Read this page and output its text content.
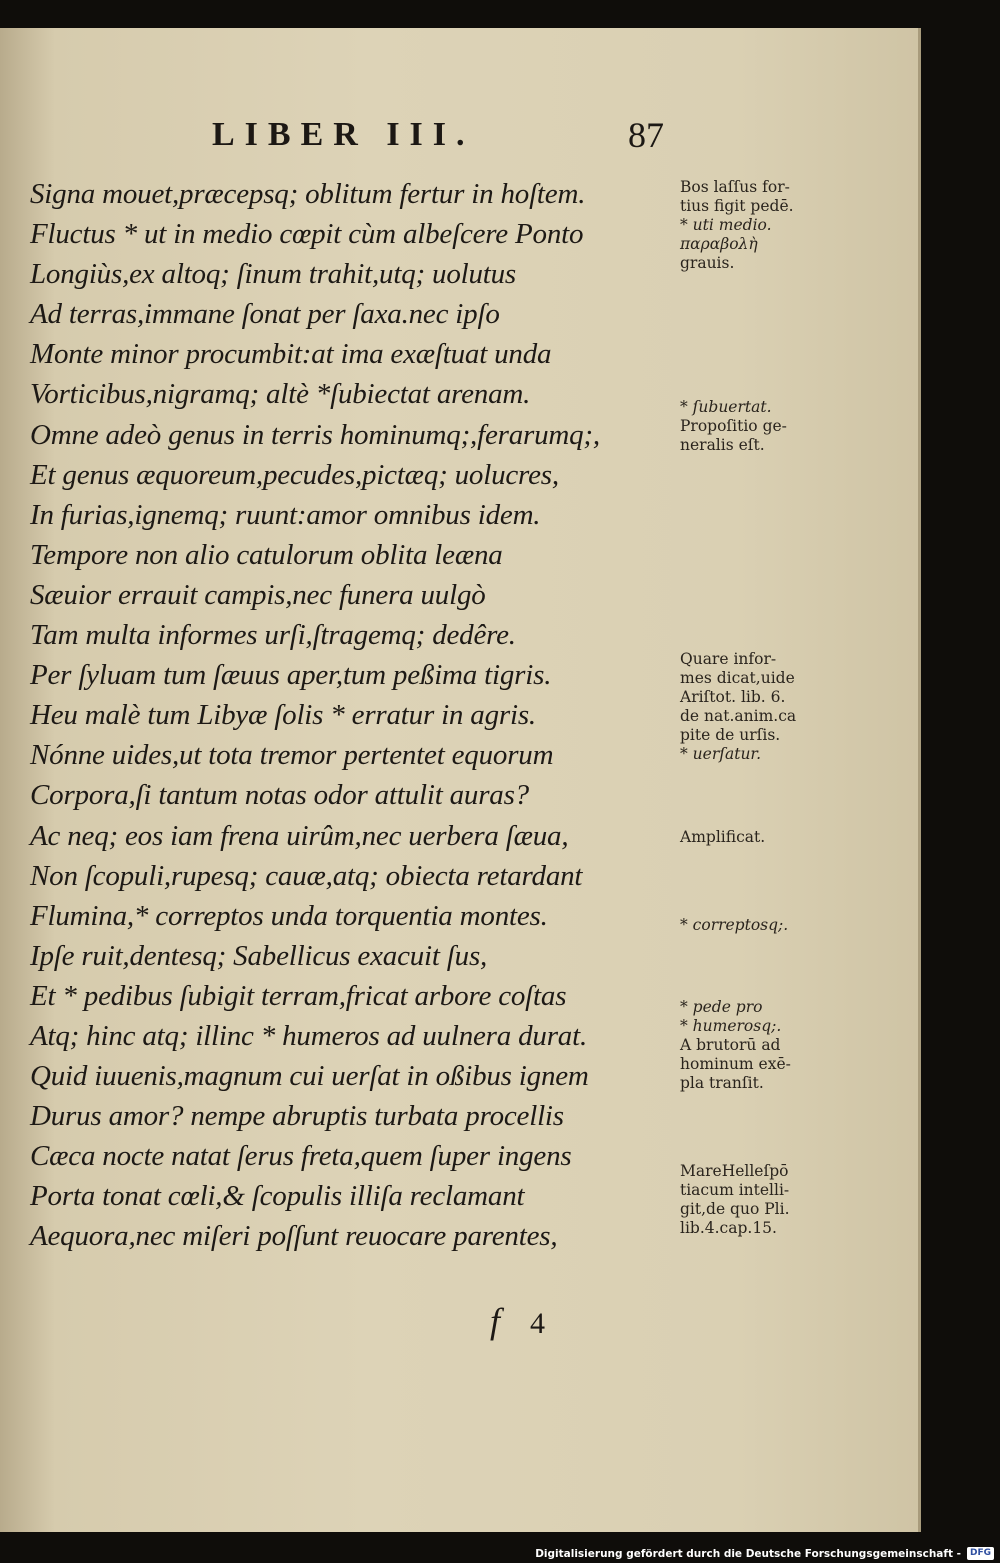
LIBER III.	87
Signa mouet,præcepsq; oblitum fertur in hoſtem.
Fluctus * ut in medio cœpit cùm albeſcere Ponto
Longiùs,ex altoq; ſinum trahit,utq; uolutus
Ad terras,immane ſonat per ſaxa.nec ipſo
Monte minor procumbit:at ima exæſtuat unda
Vorticibus,nigramq; altè *ſubiectat arenam.
Omne adeò genus in terris hominumq;,ferarumq;,
Et genus æquoreum,pecudes,pictæq; uolucres,
In furias,ignemq; ruunt:amor omnibus idem.
Tempore non alio catulorum oblita leæna
Sæuior errauit campis,nec funera uulgò
Tam multa informes urſi,ſtragemq; dedêre.
Per ſyluam tum ſæuus aper,tum peßima tigris.
Heu malè tum Libyæ ſolis * erratur in agris.
Nónne uides,ut tota tremor pertentet equorum
Corpora,ſi tantum notas odor attulit auras?
Ac neq; eos iam frena uirûm,nec uerbera ſæua,
Non ſcopuli,rupesq; cauæ,atq; obiecta retardant
Flumina,* correptos unda torquentia montes.
Ipſe ruit,dentesq; Sabellicus exacuit ſus,
Et * pedibus ſubigit terram,fricat arbore coſtas
Atq; hinc atq; illinc * humeros ad uulnera durat.
Quid iuuenis,magnum cui uerſat in oßibus ignem
Durus amor? nempe abruptis turbata procellis
Cæca nocte natat ſerus freta,quem ſuper ingens
Porta tonat cœli,& ſcopulis illiſa reclamant
Aequora,nec miſeri poſſunt reuocare parentes,
Bos laſſus for-
tius figit pedē.
* uti medio.
παραβολὴ
grauis.
* ſubuertat.
Propoſitio ge-
neralis eſt.
Quare infor-
mes dicat,uide
Ariſtot. lib. 6.
de nat.anim.ca
pite de urſis.
* uerſatur.
Amplificat.
* correptosq;.
* pede pro
* humerosq;.
A brutorū ad
hominum exē-
pla tranſit.
MareHelleſpō
tiacum intelli-
git,de quo Pli.
lib.4.cap.15.
f 4
Digitalisierung gefördert durch die Deutsche Forschungsgemeinschaft -	DFG
